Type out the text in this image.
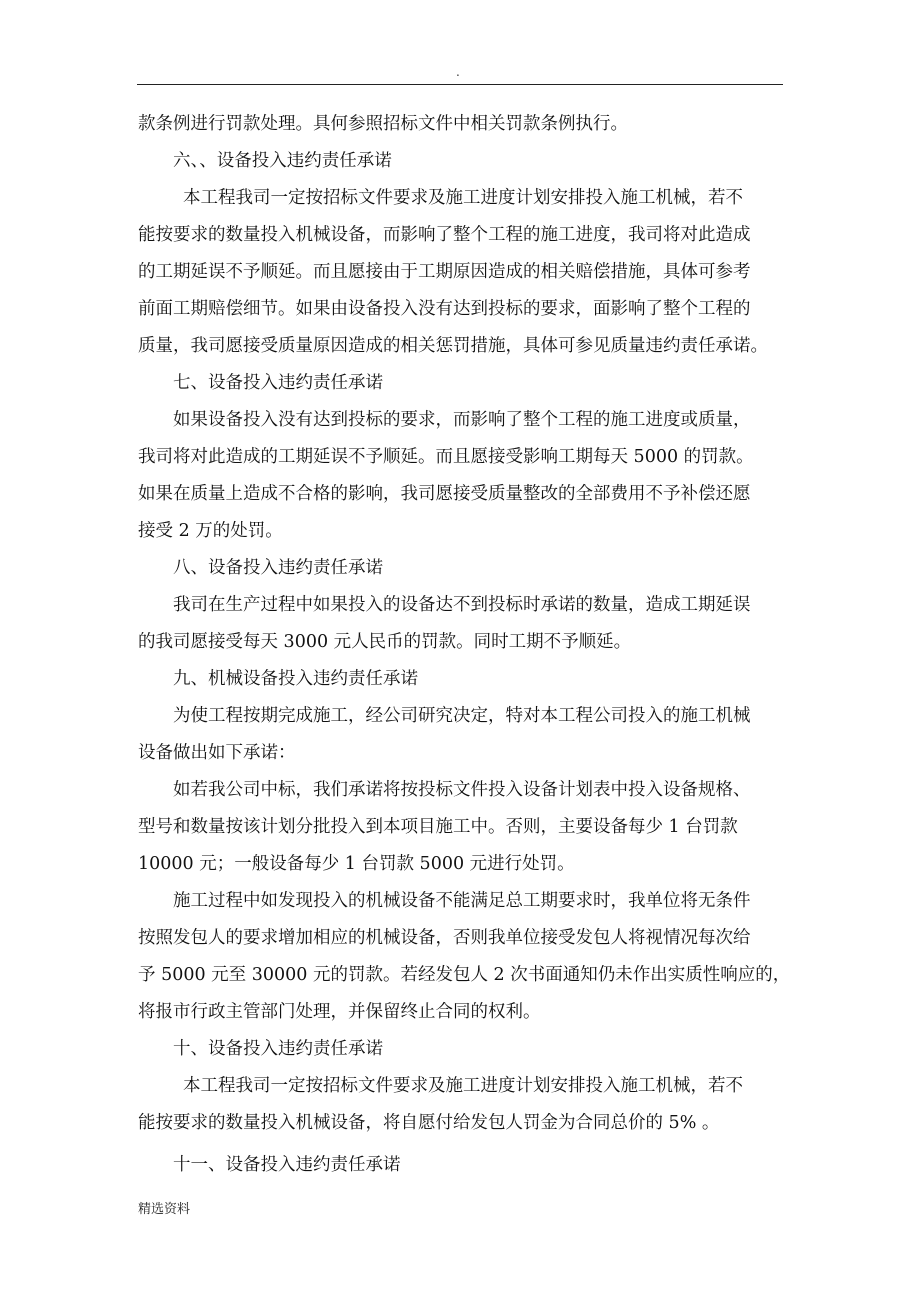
.
款条例进行罚款处理。具何参照招标文件中相关罚款条例执行。
六、、设备投入违约责任承诺
本工程我司一定按招标文件要求及施工进度计划安排投入施工机械，若不
能按要求的数量投入机械设备，而影响了整个工程的施工进度，我司将对此造成
的工期延误不予顺延。而且愿接由于工期原因造成的相关赔偿措施，具体可参考
前面工期赔偿细节。如果由设备投入没有达到投标的要求，面影响了整个工程的
质量，我司愿接受质量原因造成的相关惩罚措施，具体可参见质量违约责任承诺。
七、设备投入违约责任承诺
如果设备投入没有达到投标的要求，而影响了整个工程的施工进度或质量，
我司将对此造成的工期延误不予顺延。而且愿接受影响工期每天 5000 的罚款。
如果在质量上造成不合格的影响，我司愿接受质量整改的全部费用不予补偿还愿
接受 2 万的处罚。
八、设备投入违约责任承诺
我司在生产过程中如果投入的设备达不到投标时承诺的数量，造成工期延误
的我司愿接受每天 3000 元人民币的罚款。同时工期不予顺延。
九、机械设备投入违约责任承诺
为使工程按期完成施工，经公司研究决定，特对本工程公司投入的施工机械
设备做出如下承诺：
如若我公司中标，我们承诺将按投标文件投入设备计划表中投入设备规格、
型号和数量按该计划分批投入到本项目施工中。否则，主要设备每少 1 台罚款
10000 元；一般设备每少 1 台罚款 5000 元进行处罚。
施工过程中如发现投入的机械设备不能满足总工期要求时，我单位将无条件
按照发包人的要求增加相应的机械设备，否则我单位接受发包人将视情况每次给
予 5000 元至 30000 元的罚款。若经发包人 2 次书面通知仍未作出实质性响应的，
将报市行政主管部门处理，并保留终止合同的权利。
十、设备投入违约责任承诺
本工程我司一定按招标文件要求及施工进度计划安排投入施工机械，若不
能按要求的数量投入机械设备，将自愿付给发包人罚金为合同总价的 5% 。
十一、设备投入违约责任承诺
精选资料
